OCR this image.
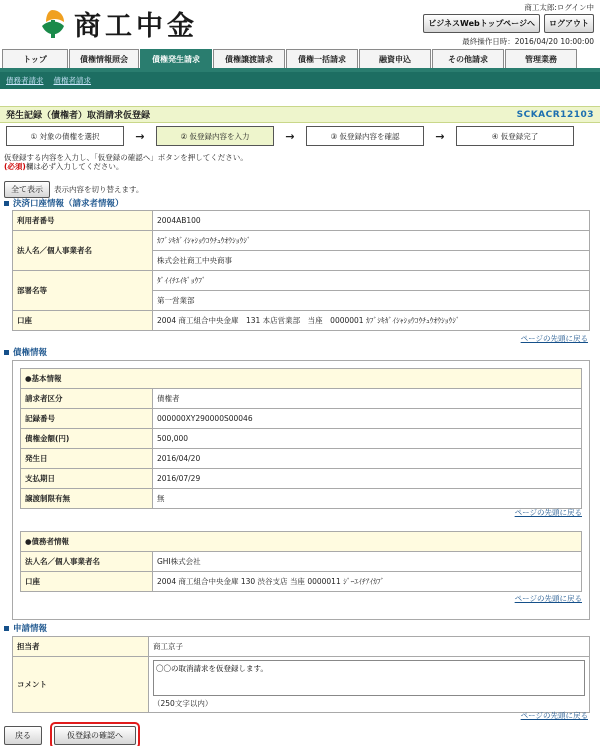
商工中金
商工太郎:ログイン中
ビジネスWebトップページへ	ログアウト
最終操作日時：2016/04/20 10:00:00
トップ	債権情報照会	債権発生請求	債権譲渡請求	債権一括請求	融資申込	その他請求	管理業務
債務者請求 債権者請求
発生記録（債権者）取消請求仮登録	SCKACR12103
① 対象の債権を選択	→	② 仮登録内容を入力	→	③ 仮登録内容を確認	→	④ 仮登録完了
仮登録する内容を入力し、「仮登録の確認へ」ボタンを押してください。
(必須)欄は必ず入力してください。
全て表示	表示内容を切り替えます。
決済口座情報（請求者情報）
利用者番号	2004AB100
法人名／個人事業者名	ｶﾌﾞｼｷｶﾞｲｼｬｼｮｳｺｳﾁｭｳｵｳｼｮｳｼﾞ
	株式会社商工中央商事
部署名等	ﾀﾞｲｲﾁｴｲｷﾞｮｳﾌﾞ
	第一営業部
口座	2004 商工組合中央金庫　131 本店営業部　当座　0000001 ｶﾌﾞｼｷｶﾞｲｼｬｼｮｳｺｳﾁｭｳｵｳｼｮｳｼﾞ
ページの先頭に戻る
債権情報
●基本情報	
請求者区分	債権者
記録番号	000000XY290000S00046
債権金額(円)	500,000
発生日	2016/04/20
支払期日	2016/07/29
譲渡制限有無	無
ページの先頭に戻る
●債務者情報	
法人名／個人事業者名	GHI株式会社
口座	2004 商工組合中央金庫 130 渋谷支店 当座 0000011 ｼﾞｰｴｲﾁｱｲｶﾌﾞ
ページの先頭に戻る
申請情報
担当者	商工京子
コメント	〇〇の取消請求を仮登録します。
（250文字以内）
ページの先頭に戻る
戻る	仮登録の確認へ
